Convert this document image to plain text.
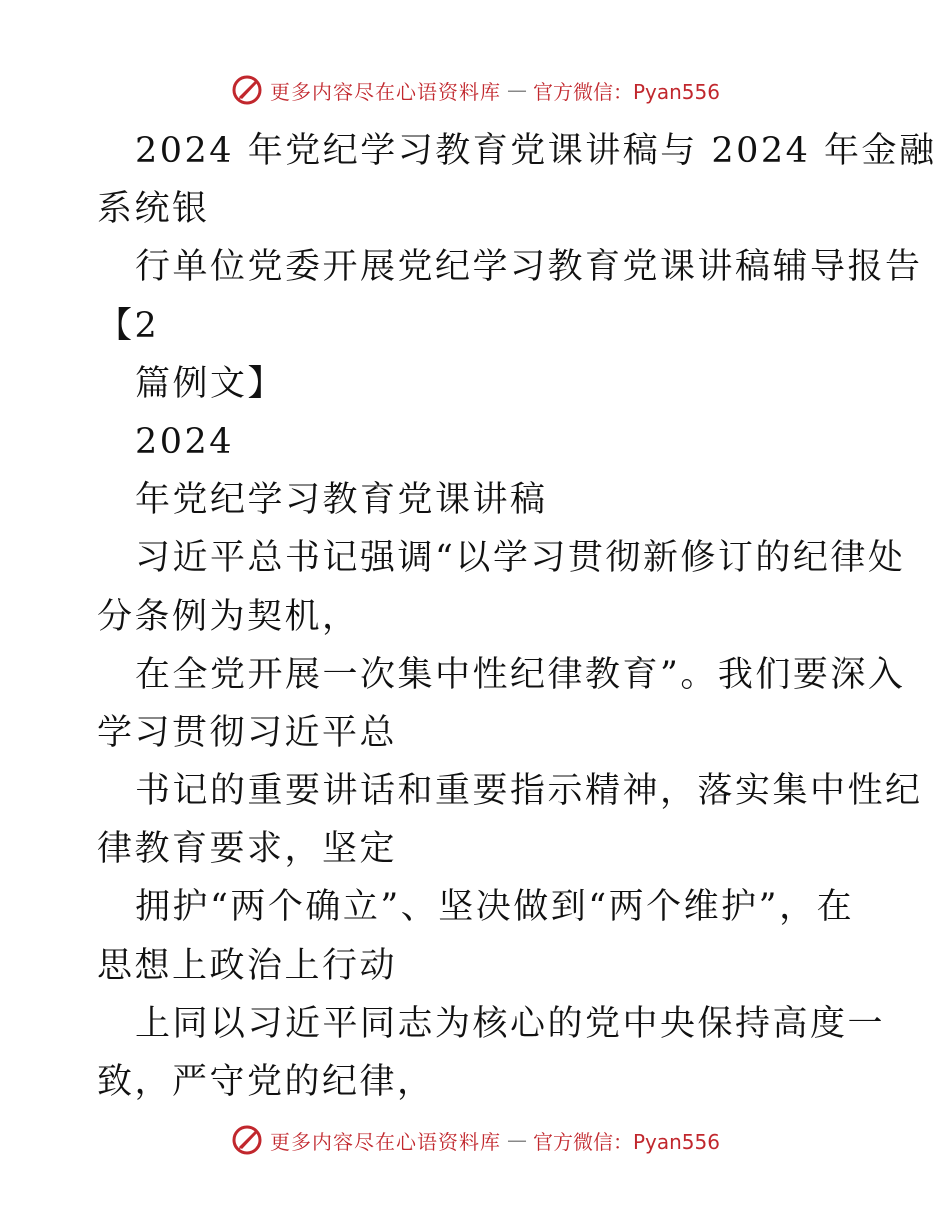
更多内容尽在心语资料库 — 官方微信：Pyan556
2024 年党纪学习教育党课讲稿与 2024 年金融
系统银
行单位党委开展党纪学习教育党课讲稿辅导报告
【2
篇例文】
2024
年党纪学习教育党课讲稿
习近平总书记强调“以学习贯彻新修订的纪律处
分条例为契机，
在全党开展一次集中性纪律教育”。我们要深入
学习贯彻习近平总
书记的重要讲话和重要指示精神，落实集中性纪
律教育要求，坚定
拥护“两个确立”、坚决做到“两个维护”，在
思想上政治上行动
上同以习近平同志为核心的党中央保持高度一
致，严守党的纪律，
更多内容尽在心语资料库 — 官方微信：Pyan556
